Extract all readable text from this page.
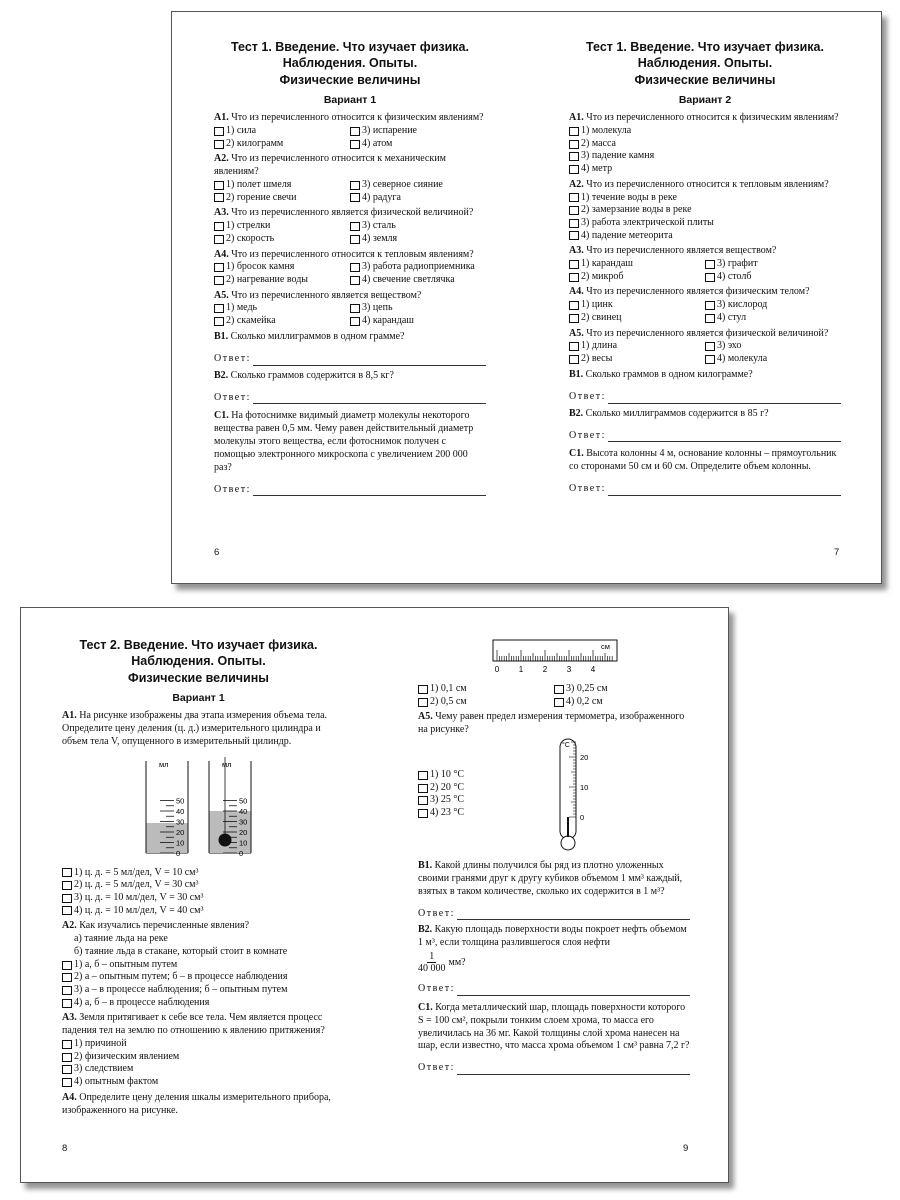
Тест 1. Введение. Что изучает физика.
Наблюдения. Опыты.
Физические величины
Вариант 1
А1. Что из перечисленного относится к физическим явлениям?
1) сила	3) испарение
2) килограмм	4) атом
А2. Что из перечисленного относится к механическим явлениям?
1) полет шмеля	3) северное сияние
2) горение свечи	4) радуга
А3. Что из перечисленного является физической величиной?
1) стрелки	3) сталь
2) скорость	4) земля
А4. Что из перечисленного относится к тепловым явлениям?
1) бросок камня	3) работа радиоприемника
2) нагревание воды	4) свечение светлячка
А5. Что из перечисленного является веществом?
1) медь	3) цепь
2) скамейка	4) карандаш
В1. Сколько миллиграммов в одном грамме?
Ответ:
В2. Сколько граммов содержится в 8,5 кг?
Ответ:
С1. На фотоснимке видимый диаметр молекулы некоторого вещества равен 0,5 мм. Чему равен действительный диаметр молекулы этого вещества, если фотоснимок получен с помощью электронного микроскопа с увеличением 200 000 раз?
Ответ:
6
Тест 1. Введение. Что изучает физика.
Наблюдения. Опыты.
Физические величины
Вариант 2
А1. Что из перечисленного относится к физическим явлениям?
1) молекула
2) масса
3) падение камня
4) метр
А2. Что из перечисленного относится к тепловым явлениям?
1) течение воды в реке
2) замерзание воды в реке
3) работа электрической плиты
4) падение метеорита
А3. Что из перечисленного является веществом?
1) карандаш	3) графит
2) микроб	4) столб
А4. Что из перечисленного является физическим телом?
1) цинк	3) кислород
2) свинец	4) стул
А5. Что из перечисленного является физической величиной?
1) длина	3) эхо
2) весы	4) молекула
В1. Сколько граммов в одном килограмме?
Ответ:
В2. Сколько миллиграммов содержится в 85 г?
Ответ:
С1. Высота колонны 4 м, основание колонны – прямоугольник со сторонами 50 см и 60 см. Определите объем колонны.
Ответ:
7
Тест 2. Введение. Что изучает физика.
Наблюдения. Опыты.
Физические величины
Вариант 1
А1. На рисунке изображены два этапа измерения объема тела. Определите цену деления (ц. д.) измерительного цилиндра и объем тела V, опущенного в измерительный цилиндр.
мл
50
40
30
20
10
0
мл
50
40
30
20
10
0
1) ц. д. = 5 мл/дел, V = 10 см³
2) ц. д. = 5 мл/дел, V = 30 см³
3) ц. д. = 10 мл/дел, V = 30 см³
4) ц. д. = 10 мл/дел, V = 40 см³
А2. Как изучались перечисленные явления?
а) таяние льда на реке
б) таяние льда в стакане, который стоит в комнате
1) а, б – опытным путем
2) а – опытным путем; б – в процессе наблюдения
3) а – в процессе наблюдения; б – опытным путем
4) а, б – в процессе наблюдения
А3. Земля притягивает к себе все тела. Чем является процесс падения тел на землю по отношению к явлению притяжения?
1) причиной
2) физическим явлением
3) следствием
4) опытным фактом
А4. Определите цену деления шкалы измерительного прибора, изображенного на рисунке.
8
см
0 1 2 3 4
1) 0,1 см	3) 0,25 см
2) 0,5 см	4) 0,2 см
А5. Чему равен предел измерения термометра, изображенного на рисунке?
1) 10 °С
2) 20 °С
3) 25 °С
4) 23 °С
°С
20
10
0
В1. Какой длины получился бы ряд из плотно уложенных своими гранями друг к другу кубиков объемом 1 мм³ каждый, взятых в таком количестве, сколько их содержится в 1 м³?
Ответ:
В2. Какую площадь поверхности воды покроет нефть объемом 1 м³, если толщина разлившегося слоя нефти
$\frac{1}{40 000}$ мм?
Ответ:
С1. Когда металлический шар, площадь поверхности которого S = 100 см², покрыли тонким слоем хрома, то масса его увеличилась на 36 мг. Какой толщины слой хрома нанесен на шар, если известно, что масса хрома объемом 1 см³ равна 7,2 г?
Ответ:
9
